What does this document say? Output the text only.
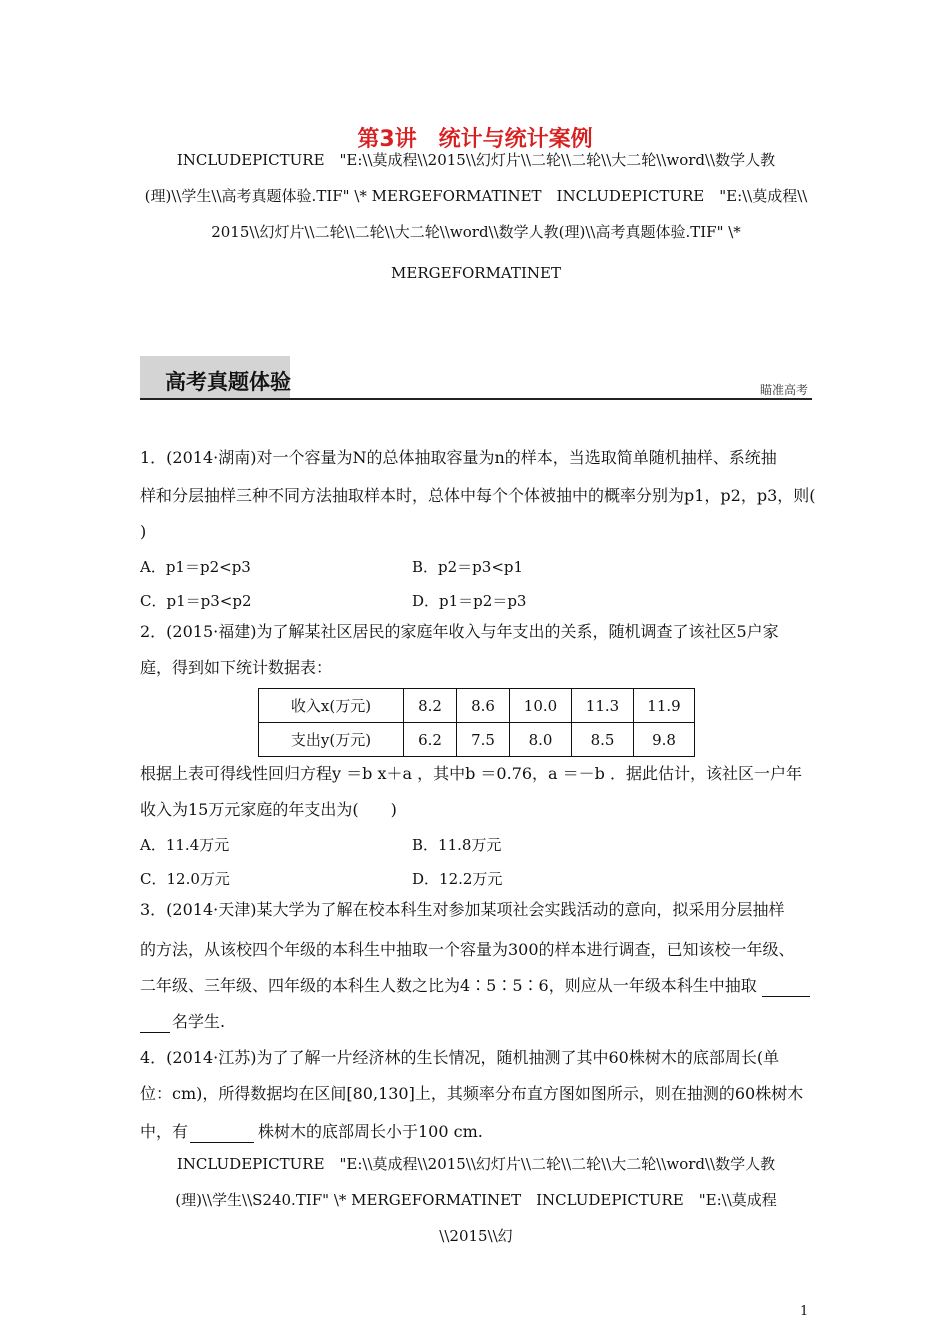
第3讲　统计与统计案例
INCLUDEPICTURE　"E:\\莫成程\\2015\\幻灯片\\二轮\\二轮\\大二轮\\word\\数学人教
(理)\\学生\\高考真题体验.TIF" \* MERGEFORMATINET　INCLUDEPICTURE　"E:\\莫成程\\
2015\\幻灯片\\二轮\\二轮\\大二轮\\word\\数学人教(理)\\高考真题体验.TIF" \*
MERGEFORMATINET
高考真题体验	瞄准高考
1．(2014·湖南)对一个容量为N的总体抽取容量为n的样本，当选取简单随机抽样、系统抽
样和分层抽样三种不同方法抽取样本时，总体中每个个体被抽中的概率分别为p1，p2，p3，则(
)
A．p1＝p2<p3	B．p2＝p3<p1
C．p1＝p3<p2	D．p1＝p2＝p3
2．(2015·福建)为了解某社区居民的家庭年收入与年支出的关系，随机调查了该社区5户家
庭，得到如下统计数据表：
收入x(万元)	8.2	8.6	10.0	11.3	11.9
支出y(万元)	6.2	7.5	8.0	8.5	9.8
根据上表可得线性回归方程y ＝b x＋a ，其中b ＝0.76，a ＝－b ．据此估计，该社区一户年
收入为15万元家庭的年支出为(　　)
A．11.4万元	B．11.8万元
C．12.0万元	D．12.2万元
3．(2014·天津)某大学为了解在校本科生对参加某项社会实践活动的意向，拟采用分层抽样
的方法，从该校四个年级的本科生中抽取一个容量为300的样本进行调查，已知该校一年级、
二年级、三年级、四年级的本科生人数之比为4∶5∶5∶6，则应从一年级本科生中抽取
名学生.
4．(2014·江苏)为了了解一片经济林的生长情况，随机抽测了其中60株树木的底部周长(单
位：cm)，所得数据均在区间[80,130]上，其频率分布直方图如图所示，则在抽测的60株树木
中，有	株树木的底部周长小于100 cm.
INCLUDEPICTURE　"E:\\莫成程\\2015\\幻灯片\\二轮\\二轮\\大二轮\\word\\数学人教
(理)\\学生\\S240.TIF" \* MERGEFORMATINET　INCLUDEPICTURE　"E:\\莫成程\\2015\\幻
1
